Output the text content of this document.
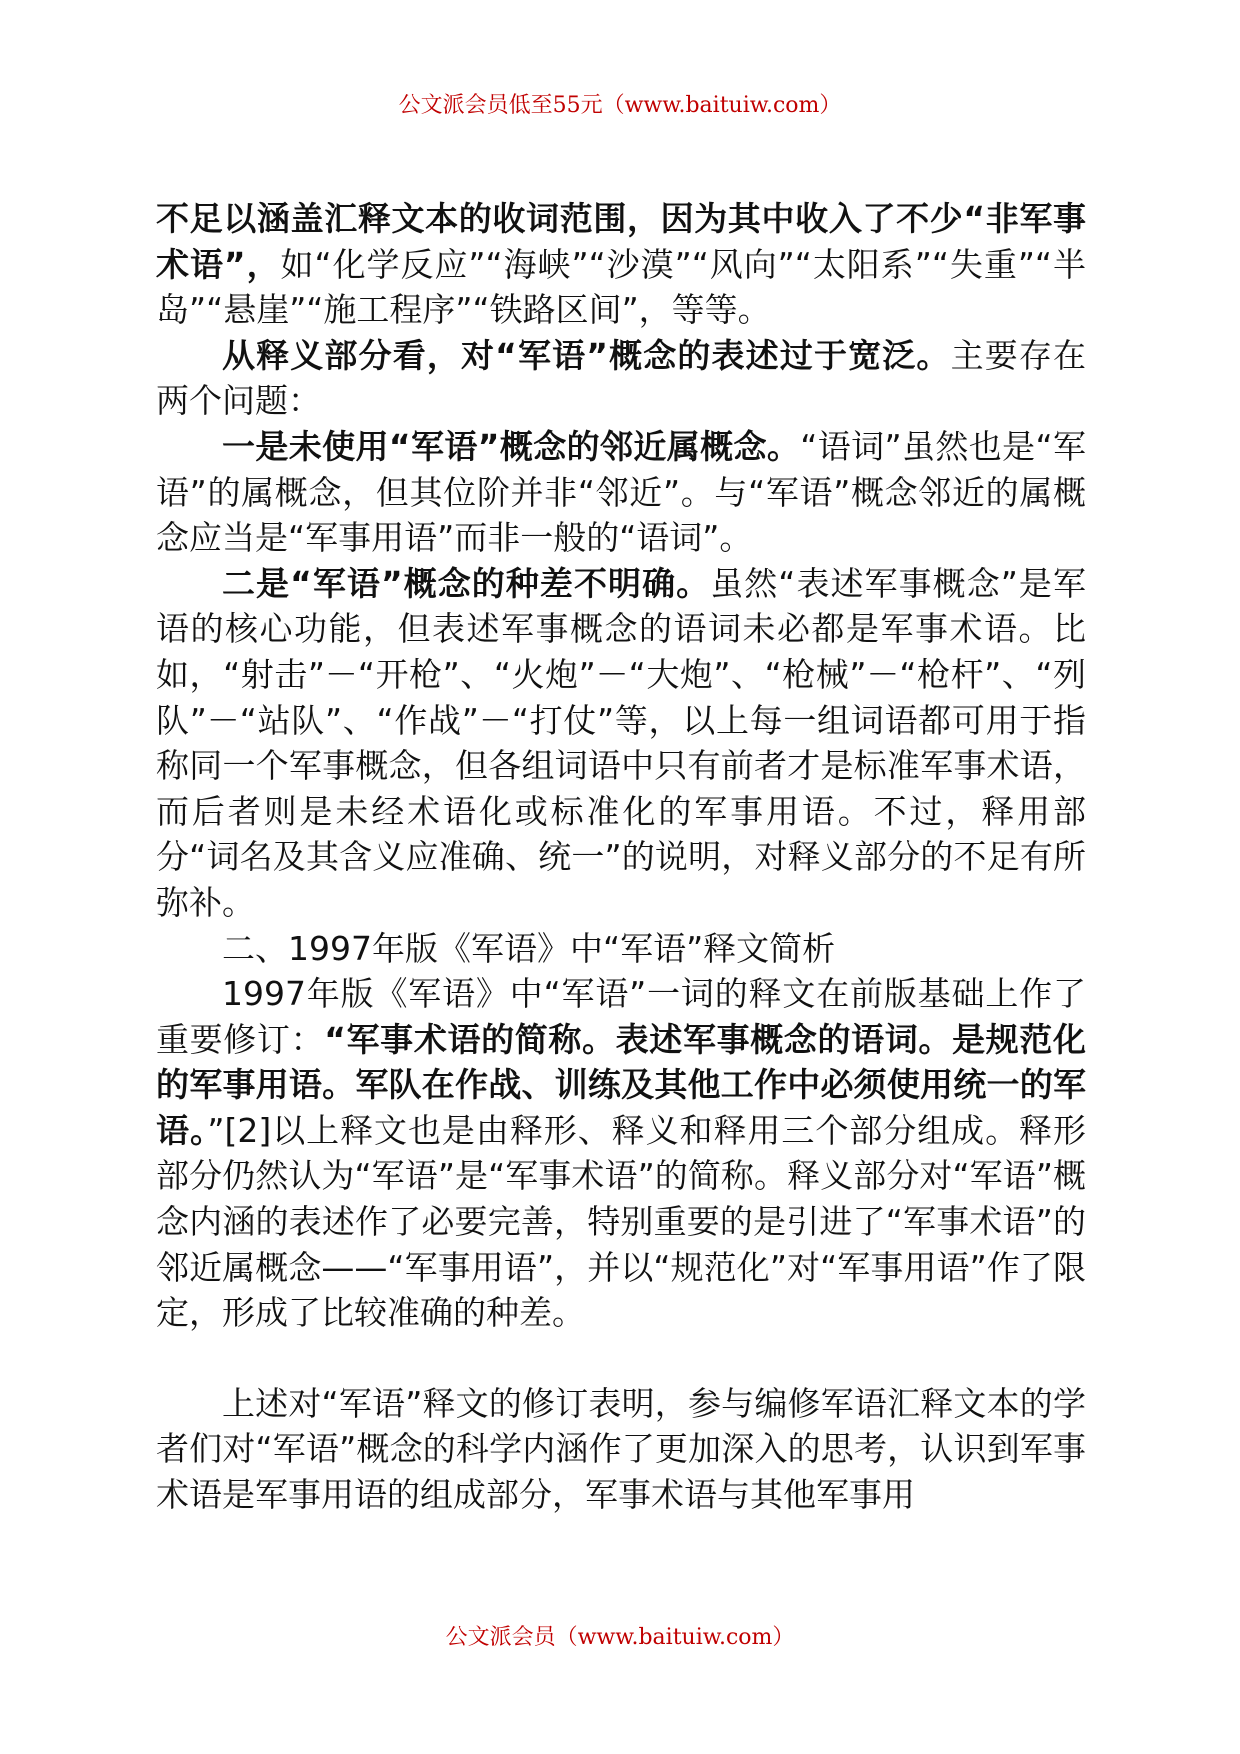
公文派会员低至55元（www.baituiw.com）

不足以涵盖汇释文本的收词范围，因为其中收入了不少“非军事术语”，如“化学反应”“海峡”“沙漠”“风向”“太阳系”“失重”“半岛”“悬崖”“施工程序”“铁路区间”，等等。

从释义部分看，对“军语”概念的表述过于宽泛。主要存在两个问题：

一是未使用“军语”概念的邻近属概念。“语词”虽然也是“军语”的属概念，但其位阶并非“邻近”。与“军语”概念邻近的属概念应当是“军事用语”而非一般的“语词”。

二是“军语”概念的种差不明确。虽然“表述军事概念”是军语的核心功能，但表述军事概念的语词未必都是军事术语。比如，“射击”－“开枪”、“火炮”－“大炮”、“枪械”－“枪杆”、“列队”－“站队”、“作战”－“打仗”等，以上每一组词语都可用于指称同一个军事概念，但各组词语中只有前者才是标准军事术语，而后者则是未经术语化或标准化的军事用语。不过，释用部分“词名及其含义应准确、统一”的说明，对释义部分的不足有所弥补。

二、1997年版《军语》中“军语”释文简析

1997年版《军语》中“军语”一词的释文在前版基础上作了重要修订：“军事术语的简称。表述军事概念的语词。是规范化的军事用语。军队在作战、训练及其他工作中必须使用统一的军语。”[2]以上释文也是由释形、释义和释用三个部分组成。释形部分仍然认为“军语”是“军事术语”的简称。释义部分对“军语”概念内涵的表述作了必要完善，特别重要的是引进了“军事术语”的邻近属概念——“军事用语”，并以“规范化”对“军事用语”作了限定，形成了比较准确的种差。

上述对“军语”释文的修订表明，参与编修军语汇释文本的学者们对“军语”概念的科学内涵作了更加深入的思考，认识到军事术语是军事用语的组成部分，军事术语与其他军事用

公文派会员（www.baituiw.com）
